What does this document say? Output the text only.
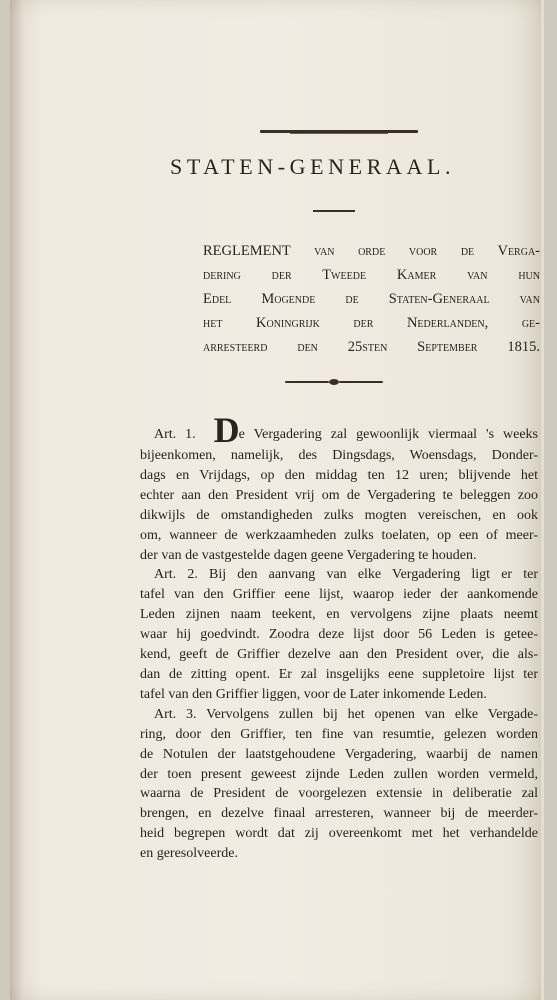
STATEN-GENERAAL.
REGLEMENT van orde voor de Verga-
dering der Tweede Kamer van hun
Edel Mogende de Staten-Generaal van
het Koningrijk der Nederlanden, ge-
arresteerd den 25sten September 1815.
Art. 1. De Vergadering zal gewoonlijk viermaal 's weeks
bijeenkomen, namelijk, des Dingsdags, Woensdags, Donder-
dags en Vrijdags, op den middag ten 12 uren; blijvende het
echter aan den President vrij om de Vergadering te beleggen zoo
dikwijls de omstandigheden zulks mogten vereischen, en ook
om, wanneer de werkzaamheden zulks toelaten, op een of meer-
der van de vastgestelde dagen geene Vergadering te houden.
Art. 2. Bij den aanvang van elke Vergadering ligt er ter
tafel van den Griffier eene lijst, waarop ieder der aankomende
Leden zijnen naam teekent, en vervolgens zijne plaats neemt
waar hij goedvindt. Zoodra deze lijst door 56 Leden is getee-
kend, geeft de Griffier dezelve aan den President over, die als-
dan de zitting opent. Er zal insgelijks eene suppletoire lijst ter
tafel van den Griffier liggen, voor de Later inkomende Leden.
Art. 3. Vervolgens zullen bij het openen van elke Vergade-
ring, door den Griffier, ten fine van resumtie, gelezen worden
de Notulen der laatstgehoudene Vergadering, waarbij de namen
der toen present geweest zijnde Leden zullen worden vermeld,
waarna de President de voorgelezen extensie in deliberatie zal
brengen, en dezelve finaal arresteren, wanneer bij de meerder-
heid begrepen wordt dat zij overeenkomt met het verhandelde
en geresolveerde.
